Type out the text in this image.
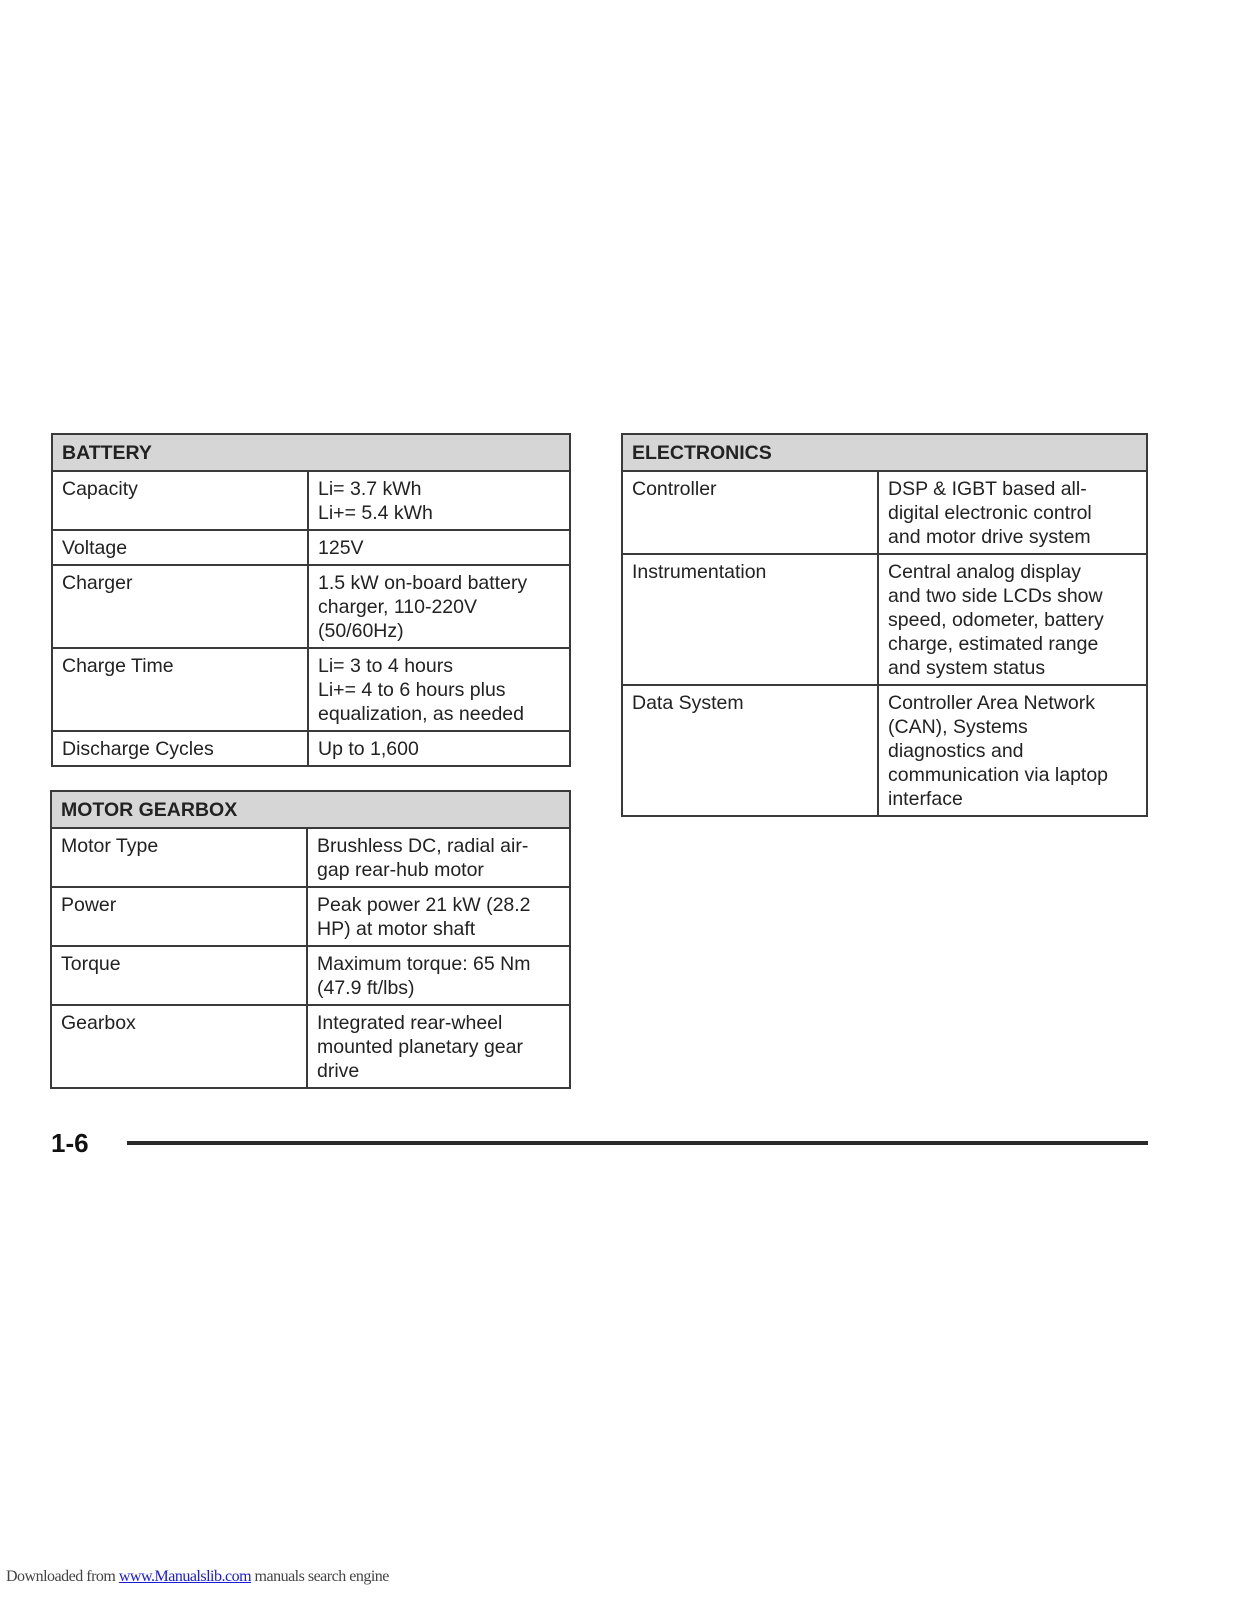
BATTERY	
Capacity	Li= 3.7 kWh
Li+= 5.4 kWh
Voltage	125V
Charger	1.5 kW on-board battery
charger, 110-220V
(50/60Hz)
Charge Time	Li= 3 to 4 hours
Li+= 4 to 6 hours plus
equalization, as needed
Discharge Cycles	Up to 1,600
MOTOR GEARBOX	
Motor Type	Brushless DC, radial air-
gap rear-hub motor
Power	Peak power 21 kW (28.2
HP) at motor shaft
Torque	Maximum torque: 65 Nm
(47.9 ft/lbs)
Gearbox	Integrated rear-wheel
mounted planetary gear
drive
ELECTRONICS	
Controller	DSP & IGBT based all-
digital electronic control
and motor drive system
Instrumentation	Central analog display
and two side LCDs show
speed, odometer, battery
charge, estimated range
and system status
Data System	Controller Area Network
(CAN), Systems
diagnostics and
communication via laptop
interface
1-6
Downloaded from www.Manualslib.com manuals search engine
